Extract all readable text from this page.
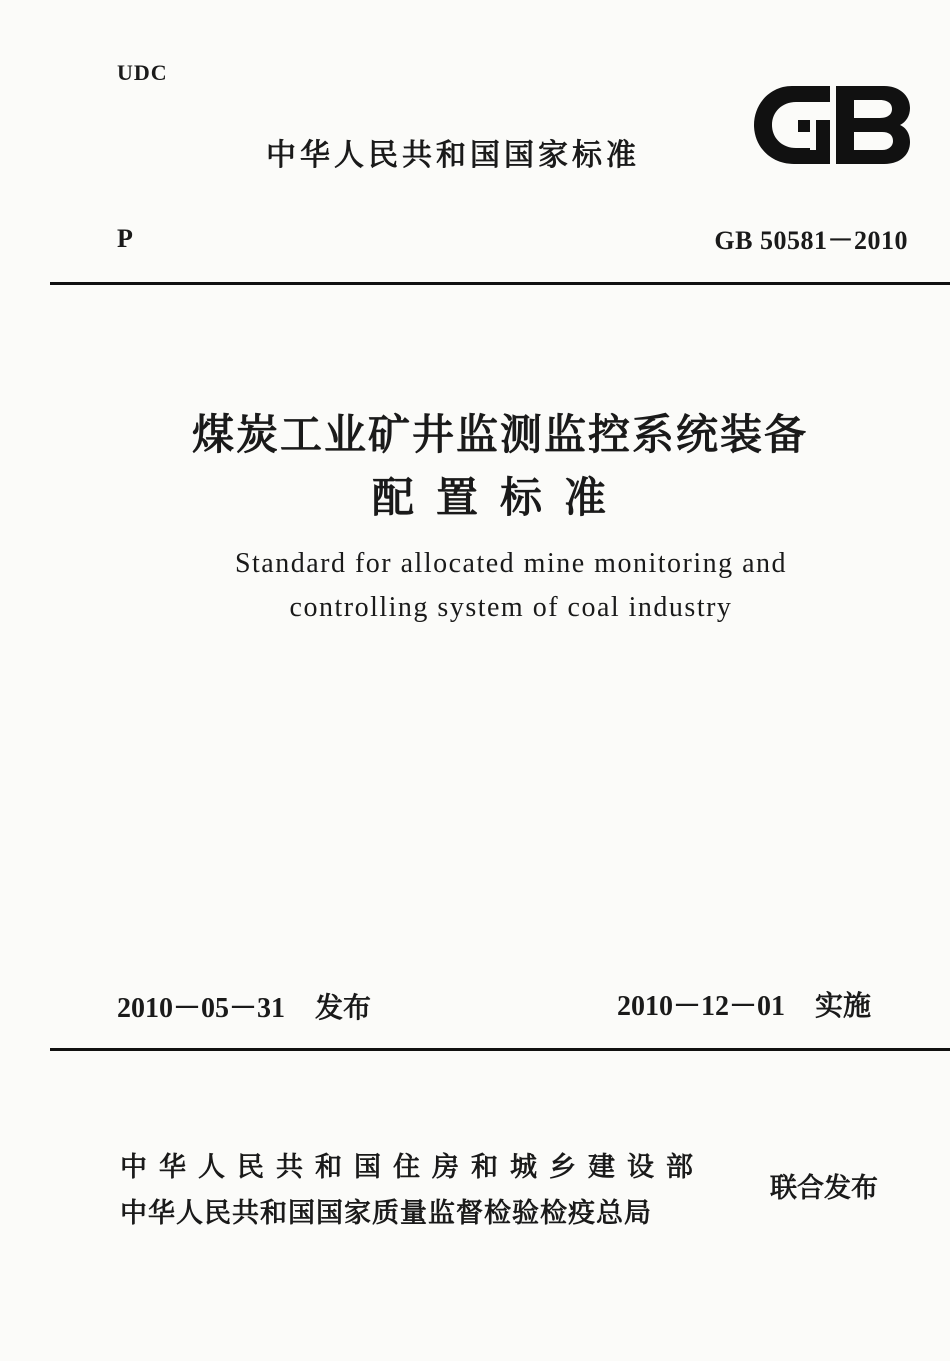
UDC
中华人民共和国国家标准
P	GB 50581－2010
煤炭工业矿井监测监控系统装备
配置标准
Standard for allocated mine monitoring and
controlling system of coal industry
2010－05－31 发布	2010－12－01 实施
中华人民共和国住房和城乡建设部
中华人民共和国国家质量监督检验检疫总局
联合发布
